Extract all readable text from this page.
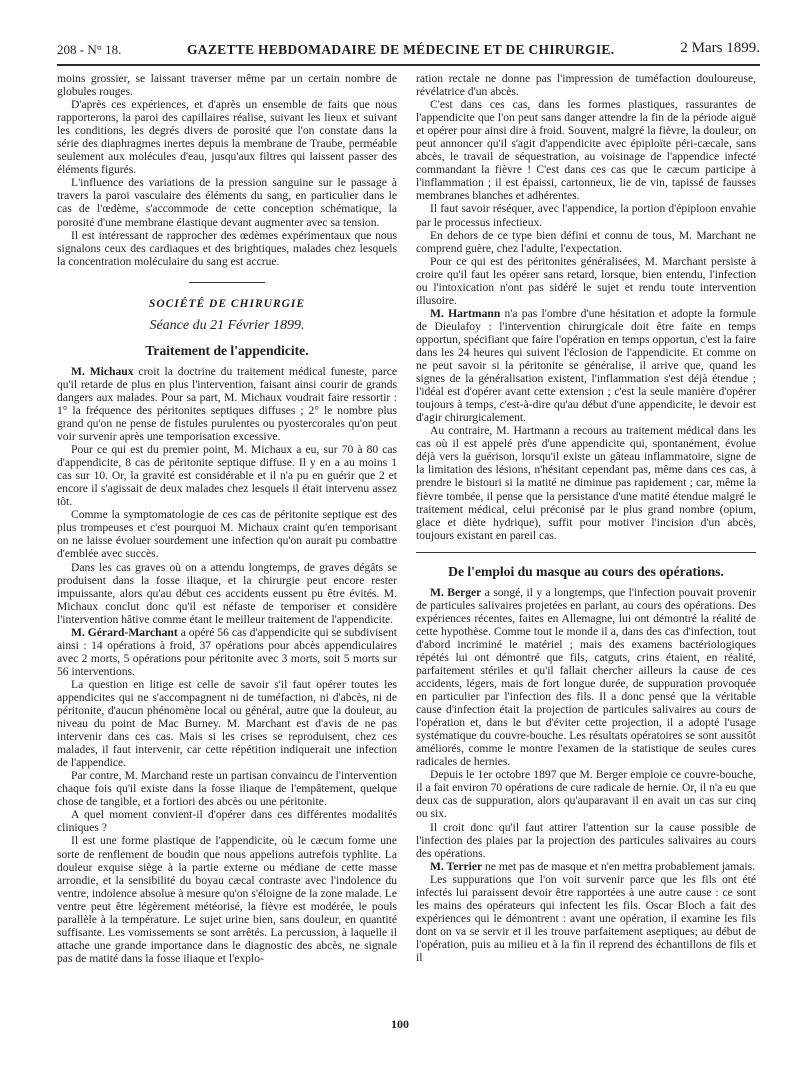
208 - N° 18.	GAZETTE HEBDOMADAIRE DE MÉDECINE ET DE CHIRURGIE.	2 Mars 1899.

moins grossier, se laissant traverser même par un certain nombre de globules rouges.

D'après ces expériences, et d'après un ensemble de faits que nous rapporterons, la paroi des capillaires réalise, suivant les lieux et suivant les conditions, les degrés divers de porosité que l'on constate dans la série des diaphragmes inertes depuis la membrane de Traube, perméable seulement aux molécules d'eau, jusqu'aux filtres qui laissent passer des éléments figurés.

L'influence des variations de la pression sanguine sur le passage à travers la paroi vasculaire des éléments du sang, en particulier dans le cas de l'œdème, s'accommode de cette conception schématique, la porosité d'une membrane élastique devant augmenter avec sa tension.

Il est intéressant de rapprocher des œdèmes expérimentaux que nous signalons ceux des cardiaques et des brightiques, malades chez lesquels la concentration moléculaire du sang est accrue.

SOCIÉTÉ DE CHIRURGIE
Séance du 21 Février 1899.
Traitement de l'appendicite.

M. Michaux croit la doctrine du traitement médical funeste, parce qu'il retarde de plus en plus l'intervention, faisant ainsi courir de grands dangers aux malades. Pour sa part, M. Michaux voudrait faire ressortir : 1° la fréquence des péritonites septiques diffuses ; 2° le nombre plus grand qu'on ne pense de fistules purulentes ou pyostercorales qu'on peut voir survenir après une temporisation excessive.

Pour ce qui est du premier point, M. Michaux a eu, sur 70 à 80 cas d'appendicite, 8 cas de péritonite septique diffuse. Il y en a au moins 1 cas sur 10. Or, la gravité est considérable et il n'a pu en guérir que 2 et encore il s'agissait de deux malades chez lesquels il était intervenu assez tôt.

Comme la symptomatologie de ces cas de péritonite septique est des plus trompeuses et c'est pourquoi M. Michaux craint qu'en temporisant on ne laisse évoluer sourdement une infection qu'on aurait pu combattre d'emblée avec succès.

Dans les cas graves où on a attendu longtemps, de graves dégâts se produisent dans la fosse iliaque, et la chirurgie peut encore rester impuissante, alors qu'au début ces accidents eussent pu être évités. M. Michaux conclut donc qu'il est néfaste de temporiser et considère l'intervention hâtive comme étant le meilleur traitement de l'appendicite.

M. Gérard-Marchant a opéré 56 cas d'appendicite qui se subdivisent ainsi : 14 opérations à froid, 37 opérations pour abcès appendiculaires avec 2 morts, 5 opérations pour péritonite avec 3 morts, soit 5 morts sur 56 interventions.

La question en litige est celle de savoir s'il faut opérer toutes les appendicites qui ne s'accompagnent ni de tuméfaction, ni d'abcès, ni de péritonite, d'aucun phénomène local ou général, autre que la douleur, au niveau du point de Mac Burney. M. Marchant est d'avis de ne pas intervenir dans ces cas. Mais si les crises se reproduisent, chez ces malades, il faut intervenir, car cette répétition indiquerait une infection de l'appendice.

Par contre, M. Marchand reste un partisan convaincu de l'intervention chaque fois qu'il existe dans la fosse iliaque de l'empâtement, quelque chose de tangible, et a fortiori des abcès ou une péritonite.

A quel moment convient-il d'opérer dans ces différentes modalités cliniques ?

Il est une forme plastique de l'appendicite, où le cæcum forme une sorte de renflement de boudin que nous appelions autrefois typhlite. La douleur exquise siège à la partie externe ou médiane de cette masse arrondie, et la sensibilité du boyau cæcal contraste avec l'indolence du ventre, indolence absolue à mesure qu'on s'éloigne de la zone malade. Le ventre peut être légèrement météorisé, la fièvre est modérée, le pouls parallèle à la température. Le sujet urine bien, sans douleur, en quantité suffisante. Les vomissements se sont arrêtés. La percussion, à laquelle il attache une grande importance dans le diagnostic des abcès, ne signale pas de matité dans la fosse iliaque et l'explo-

ration rectale ne donne pas l'impression de tuméfaction douloureuse, révélatrice d'un abcès.

C'est dans ces cas, dans les formes plastiques, rassurantes de l'appendicite que l'on peut sans danger attendre la fin de la période aiguë et opérer pour ainsi dire à froid. Souvent, malgré la fièvre, la douleur, on peut annoncer qu'il s'agit d'appendicite avec épiploïte péri-cæcale, sans abcès, le travail de séquestration, au voisinage de l'appendice infecté commandant la fièvre ! C'est dans ces cas que le cæcum participe à l'inflammation ; il est épaissi, cartonneux, lie de vin, tapissé de fausses membranes blanches et adhérentes.

Il faut savoir réséquer, avec l'appendice, la portion d'épiploon envahie par le processus infectieux.

En dehors de ce type bien défini et connu de tous, M. Marchant ne comprend guère, chez l'adulte, l'expectation.

Pour ce qui est des péritonites généralisées, M. Marchant persiste à croire qu'il faut les opérer sans retard, lorsque, bien entendu, l'infection ou l'intoxication n'ont pas sidéré le sujet et rendu toute intervention illusoire.

M. Hartmann n'a pas l'ombre d'une hésitation et adopte la formule de Dieulafoy : l'intervention chirurgicale doit être faite en temps opportun, spécifiant que faire l'opération en temps opportun, c'est la faire dans les 24 heures qui suivent l'éclosion de l'appendicite. Et comme on ne peut savoir si la péritonite se généralise, il arrive que, quand les signes de la généralisation existent, l'inflammation s'est déjà étendue ; l'idéal est d'opérer avant cette extension ; c'est la seule manière d'opérer toujours à temps, c'est-à-dire qu'au début d'une appendicite, le devoir est d'agir chirurgicalement.

Au contraire, M. Hartmann a recours au traitement médical dans les cas où il est appelé près d'une appendicite qui, spontanément, évolue déjà vers la guérison, lorsqu'il existe un gâteau inflammatoire, signe de la limitation des lésions, n'hésitant cependant pas, même dans ces cas, à prendre le bistouri si la matité ne diminue pas rapidement ; car, même la fièvre tombée, il pense que la persistance d'une matité étendue malgré le traitement médical, celui préconisé par le plus grand nombre (opium, glace et diète hydrique), suffit pour motiver l'incision d'un abcès, toujours existant en pareil cas.

De l'emploi du masque au cours des opérations.

M. Berger a songé, il y a longtemps, que l'infection pouvait provenir de particules salivaires projetées en parlant, au cours des opérations. Des expériences récentes, faites en Allemagne, lui ont démontré la réalité de cette hypothèse. Comme tout le monde il a, dans des cas d'infection, tout d'abord incriminé le matériel ; mais des examens bactériologiques répétés lui ont démontré que fils, catguts, crins étaient, en réalité, parfaitement stériles et qu'il fallait chercher ailleurs la cause de ces accidents, légers, mais de fort longue durée, de suppuration provoquée en particulier par l'infection des fils. Il a donc pensé que la véritable cause d'infection était la projection de particules salivaires au cours de l'opération et, dans le but d'éviter cette projection, il a adopté l'usage systématique du couvre-bouche. Les résultats opératoires se sont aussitôt améliorés, comme le montre l'examen de la statistique de seules cures radicales de hernies.

Depuis le 1er octobre 1897 que M. Berger emploie ce couvre-bouche, il a fait environ 70 opérations de cure radicale de hernie. Or, il n'a eu que deux cas de suppuration, alors qu'auparavant il en avait un cas sur cinq ou six.

Il croit donc qu'il faut attirer l'attention sur la cause possible de l'infection des plaies par la projection des particules salivaires au cours des opérations.

M. Terrier ne met pas de masque et n'en mettra probablement jamais.

Les suppurations que l'on voit survenir parce que les fils ont été infectés lui paraissent devoir être rapportées à une autre cause : ce sont les mains des opérateurs qui infectent les fils. Oscar Bloch a fait des expériences qui le démontrent : avant une opération, il examine les fils dont on va se servir et il les trouve parfaitement aseptiques; au début de l'opération, puis au milieu et à la fin il reprend des échantillons de fils et il

100
